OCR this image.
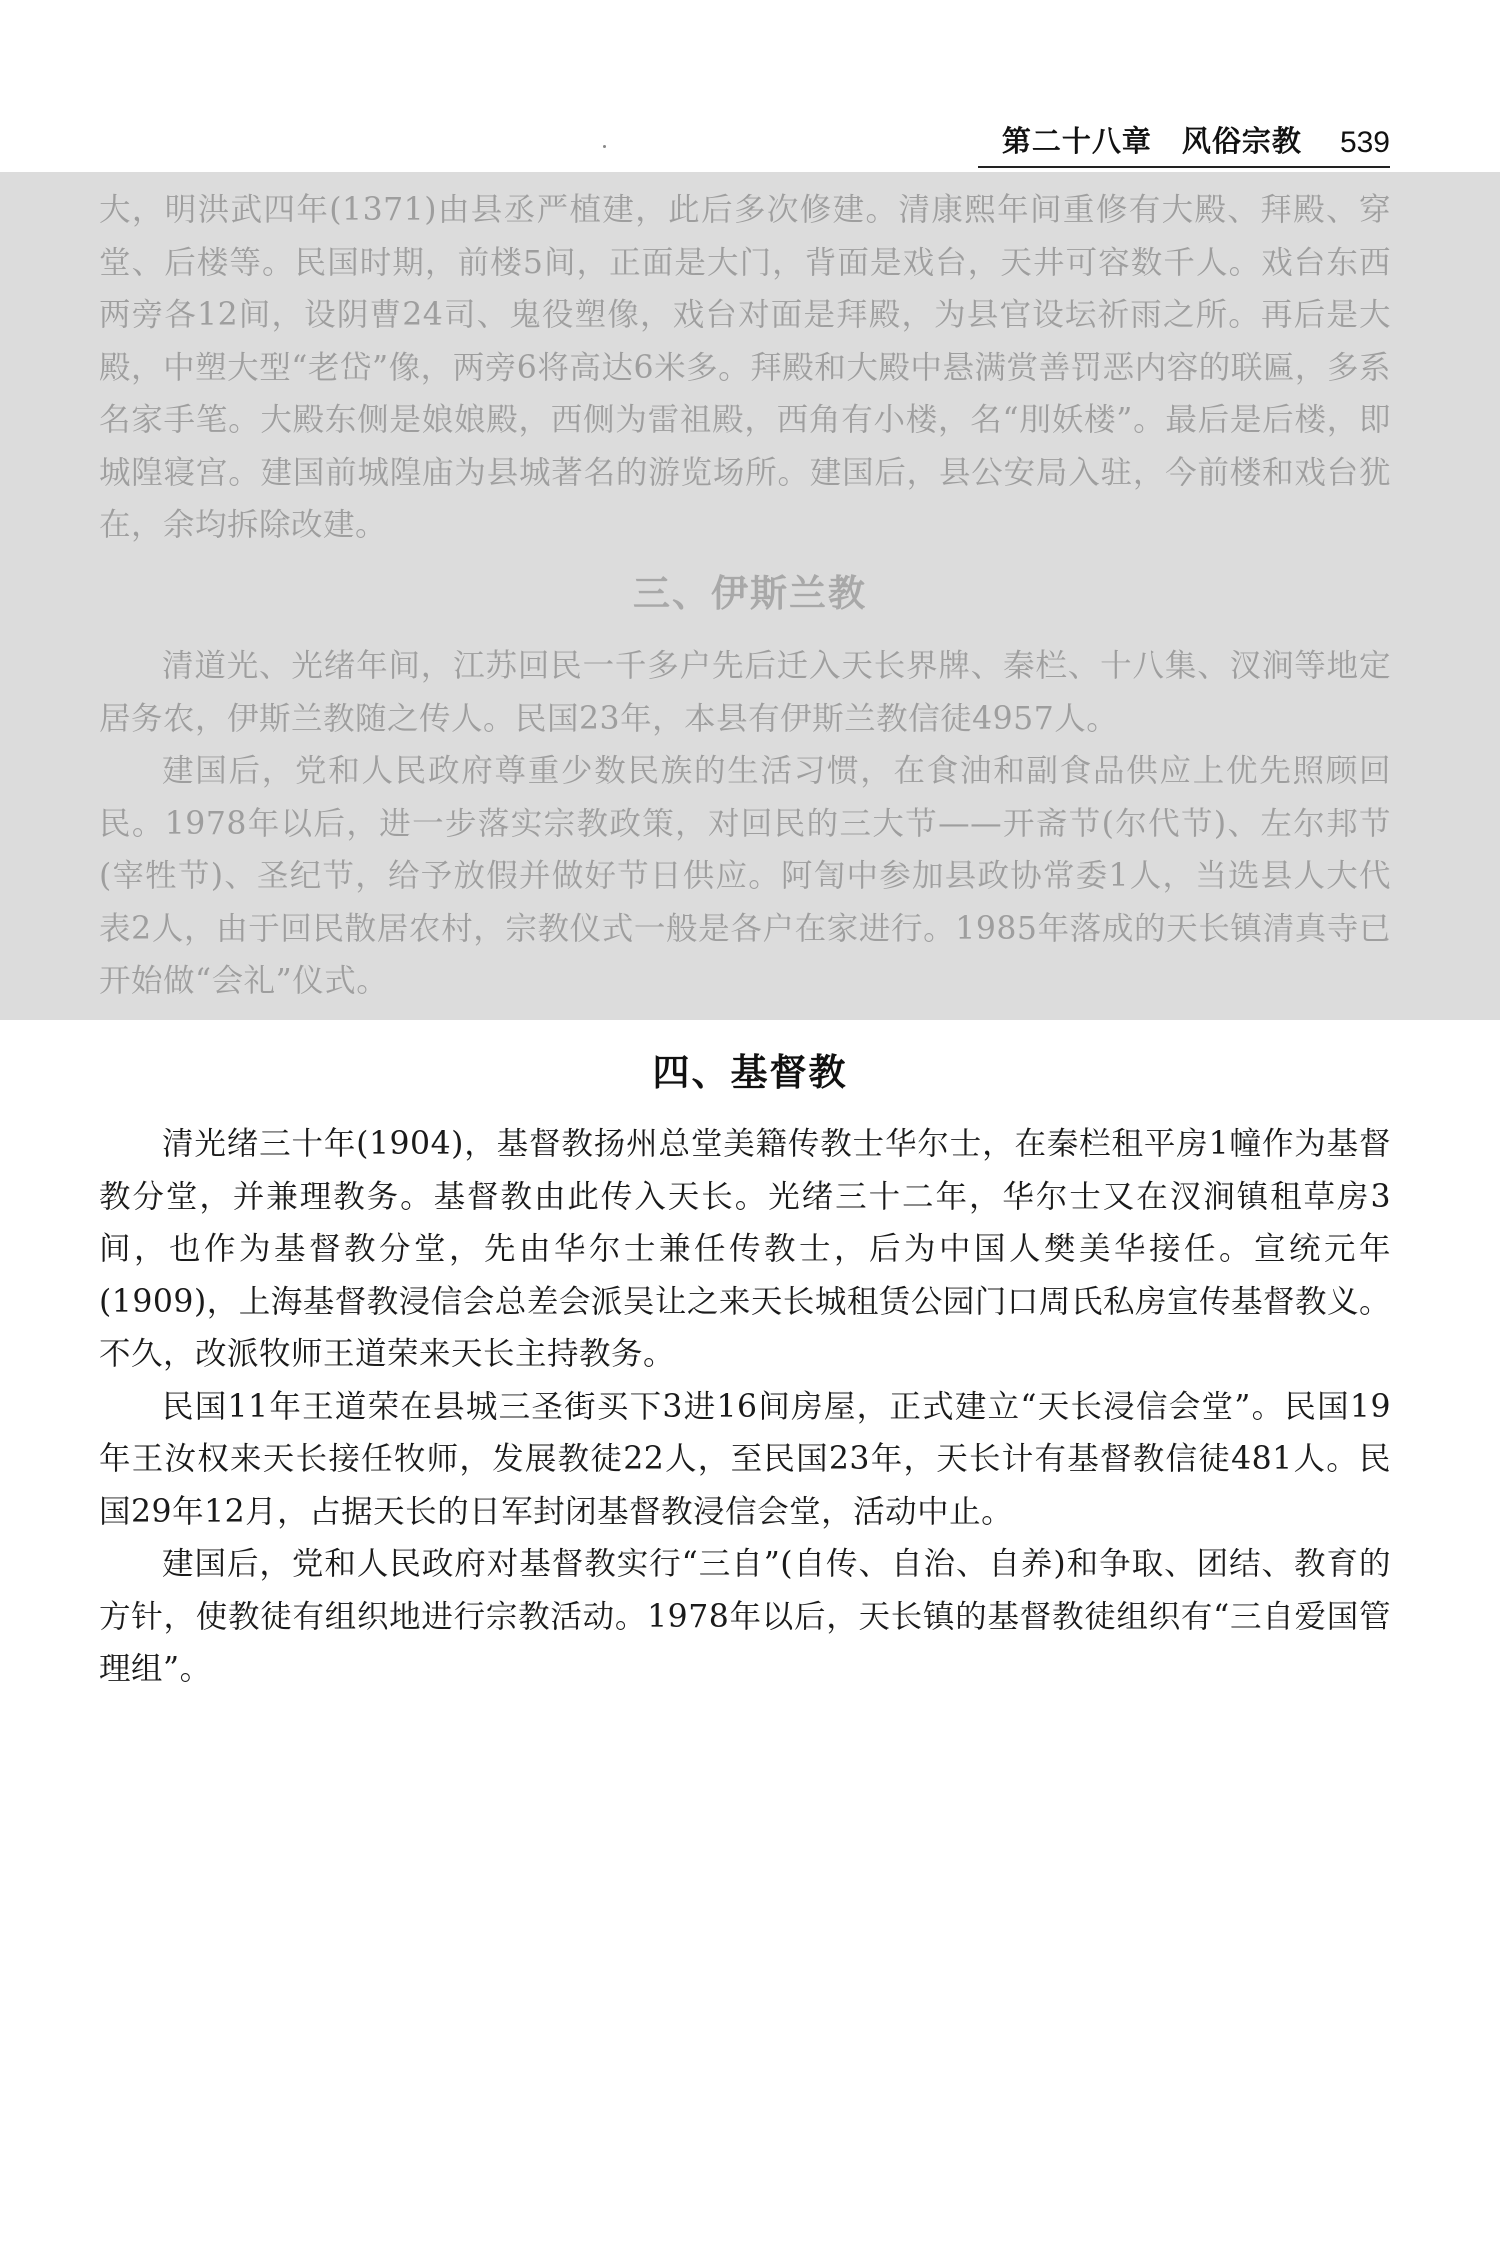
第二十八章　风俗宗教 539

大，明洪武四年(1371)由县丞严植建，此后多次修建。清康熙年间重修有大殿、拜殿、穿堂、后楼等。民国时期，前楼5间，正面是大门，背面是戏台，天井可容数千人。戏台东西两旁各12间，设阴曹24司、鬼役塑像，戏台对面是拜殿，为县官设坛祈雨之所。再后是大殿，中塑大型“老岱”像，两旁6将高达6米多。拜殿和大殿中悬满赏善罚恶内容的联匾，多系名家手笔。大殿东侧是娘娘殿，西侧为雷祖殿，西角有小楼，名“刖妖楼”。最后是后楼，即城隍寝宫。建国前城隍庙为县城著名的游览场所。建国后，县公安局入驻，今前楼和戏台犹在，余均拆除改建。

三、伊斯兰教

清道光、光绪年间，江苏回民一千多户先后迁入天长界牌、秦栏、十八集、汊涧等地定居务农，伊斯兰教随之传人。民国23年，本县有伊斯兰教信徒4957人。

建国后，党和人民政府尊重少数民族的生活习惯，在食油和副食品供应上优先照顾回民。1978年以后，进一步落实宗教政策，对回民的三大节——开斋节(尔代节)、左尔邦节(宰牲节)、圣纪节，给予放假并做好节日供应。阿訇中参加县政协常委1人，当选县人大代表2人，由于回民散居农村，宗教仪式一般是各户在家进行。1985年落成的天长镇清真寺已开始做“会礼”仪式。

四、基督教

清光绪三十年(1904)，基督教扬州总堂美籍传教士华尔士，在秦栏租平房1幢作为基督教分堂，并兼理教务。基督教由此传入天长。光绪三十二年，华尔士又在汊涧镇租草房3间，也作为基督教分堂，先由华尔士兼任传教士，后为中国人樊美华接任。宣统元年(1909)，上海基督教浸信会总差会派吴让之来天长城租赁公园门口周氏私房宣传基督教义。不久，改派牧师王道荣来天长主持教务。

民国11年王道荣在县城三圣街买下3进16间房屋，正式建立“天长浸信会堂”。民国19年王汝权来天长接任牧师，发展教徒22人，至民国23年，天长计有基督教信徒481人。民国29年12月，占据天长的日军封闭基督教浸信会堂，活动中止。

建国后，党和人民政府对基督教实行“三自”(自传、自治、自养)和争取、团结、教育的方针，使教徒有组织地进行宗教活动。1978年以后，天长镇的基督教徒组织有“三自爱国管理组”。
